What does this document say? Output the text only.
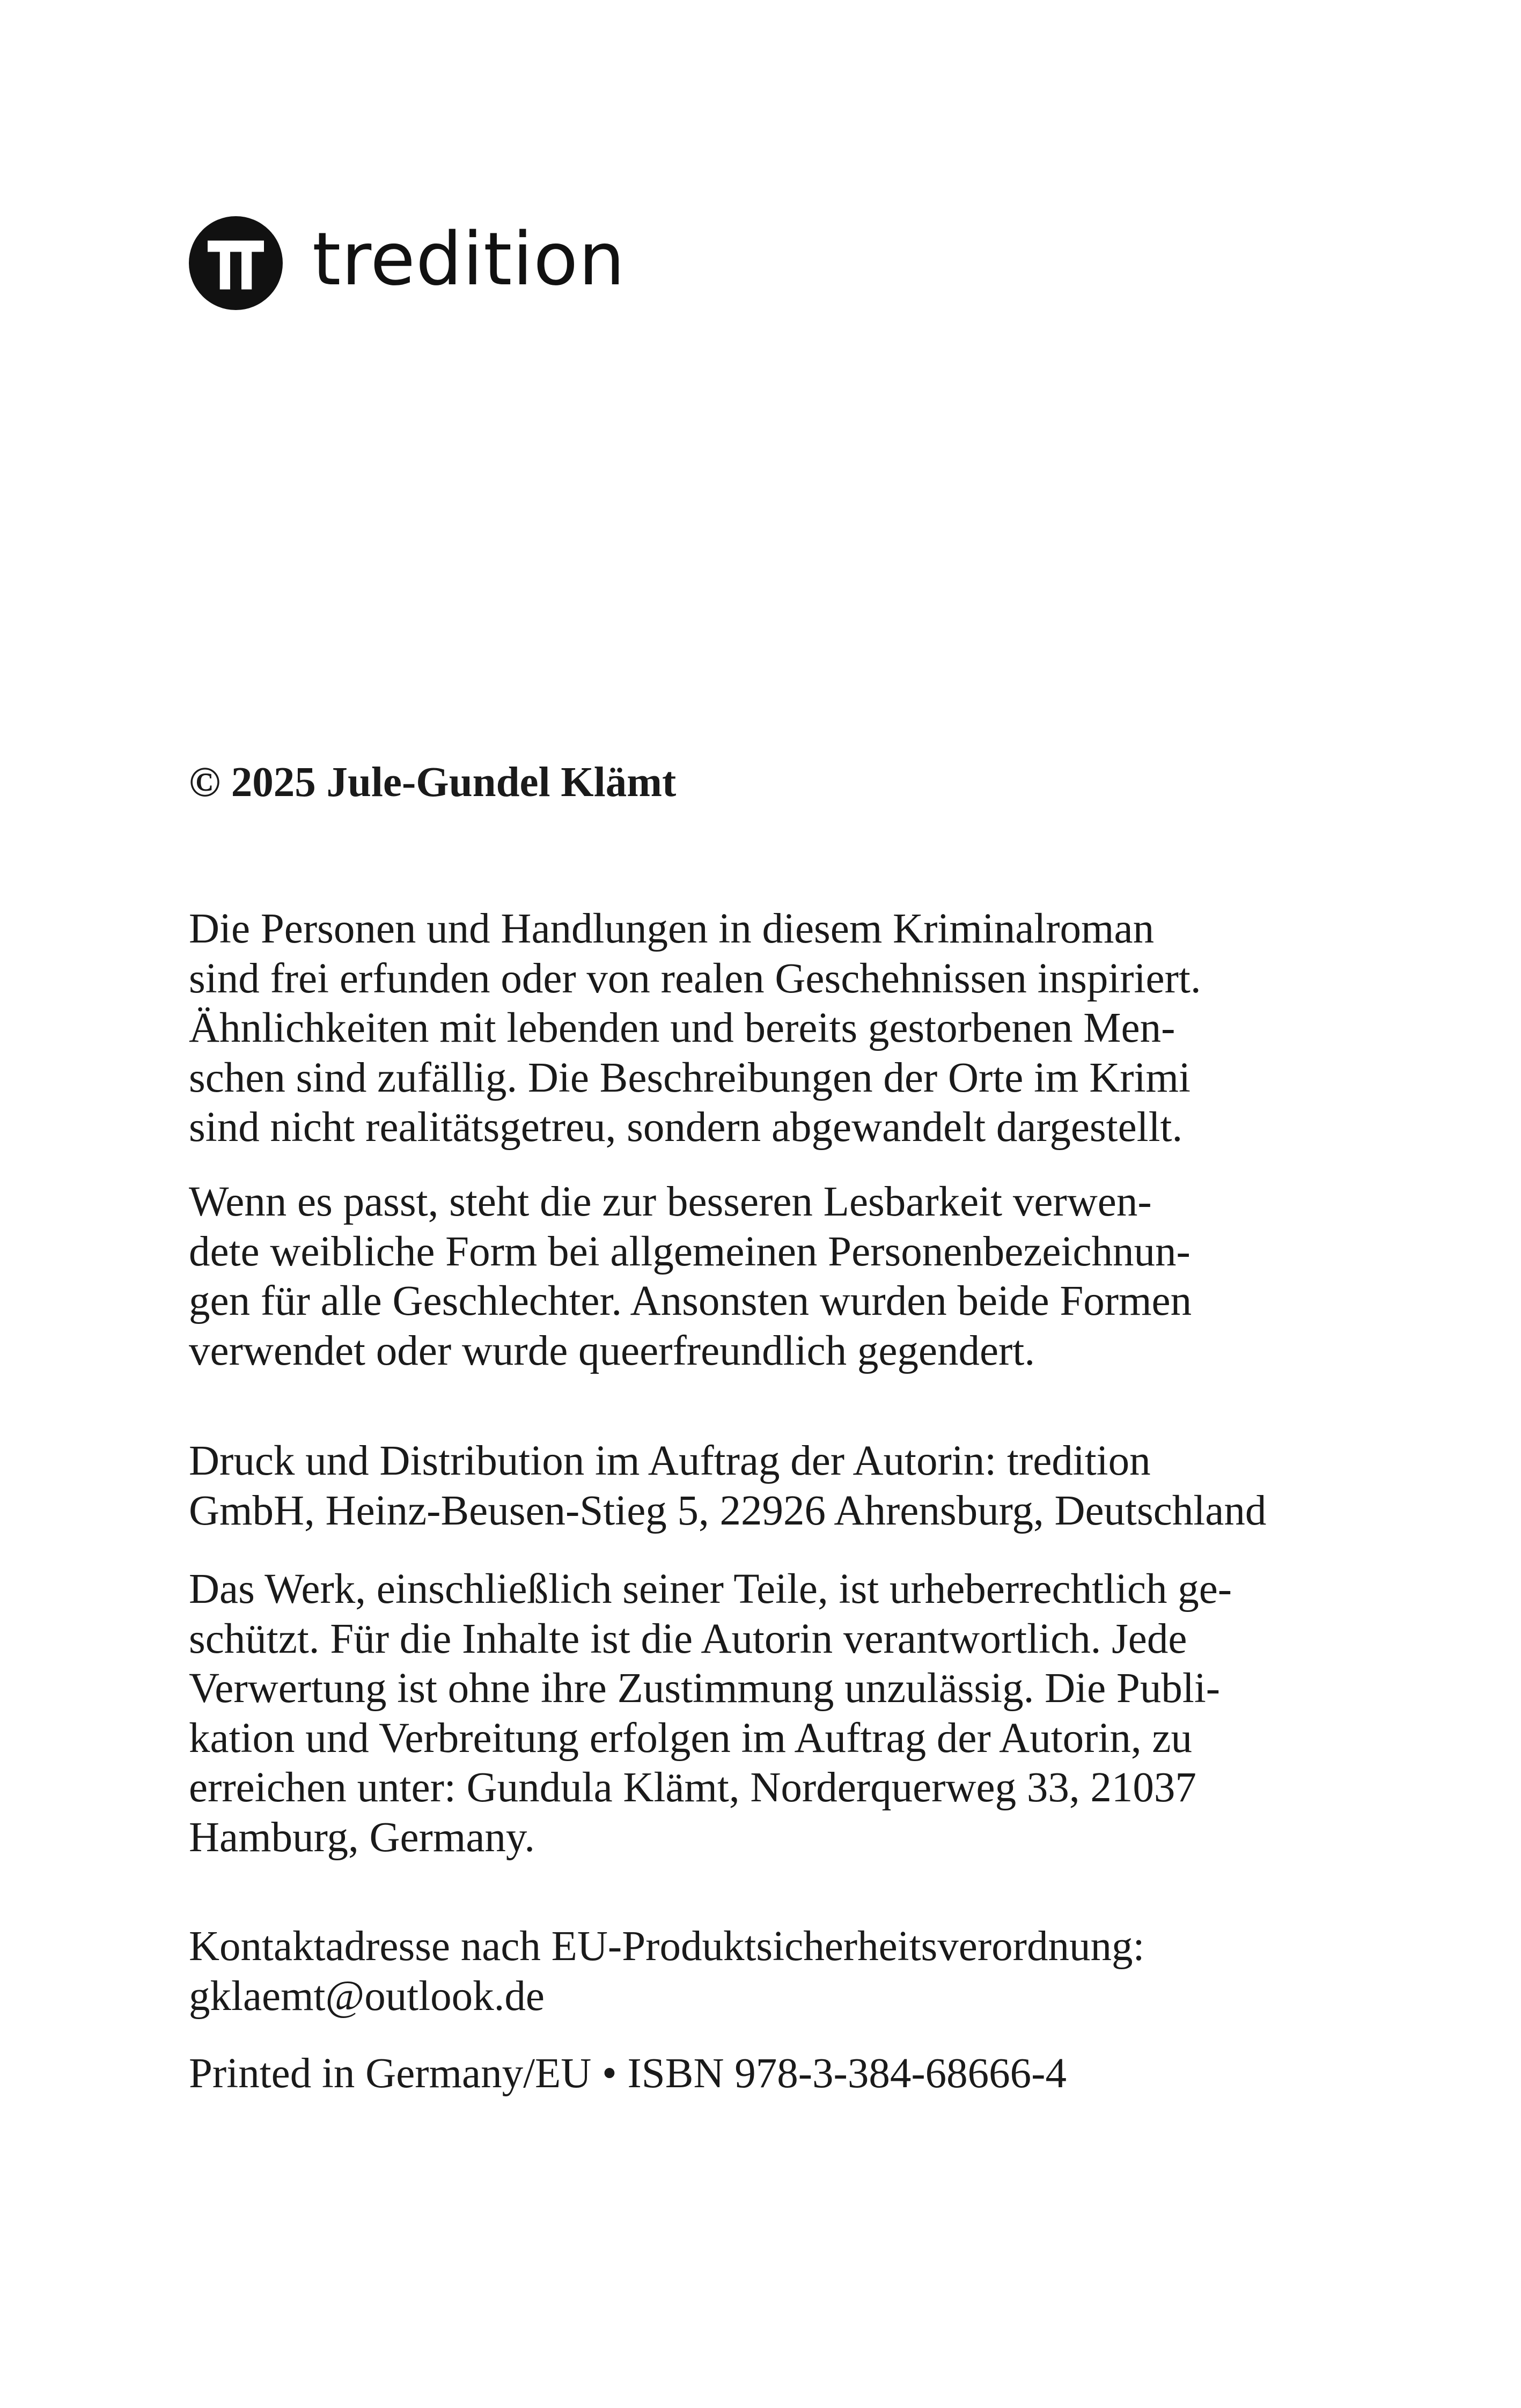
tredition
© 2025 Jule-Gundel Klämt

Die Personen und Handlungen in diesem Kriminalroman

sind frei erfunden oder von realen Geschehnissen inspiriert.

Ähnlichkeiten mit lebenden und bereits gestorbenen Men-

schen sind zufällig. Die Beschreibungen der Orte im Krimi

sind nicht realitätsgetreu, sondern abgewandelt dargestellt.

Wenn es passt, steht die zur besseren Lesbarkeit verwen-

dete weibliche Form bei allgemeinen Personenbezeichnun-

gen für alle Geschlechter. Ansonsten wurden beide Formen

verwendet oder wurde queerfreundlich gegendert.

Druck und Distribution im Auftrag der Autorin: tredition

GmbH, Heinz-Beusen-Stieg 5, 22926 Ahrensburg, Deutschland

Das Werk, einschließlich seiner Teile, ist urheberrechtlich ge-

schützt. Für die Inhalte ist die Autorin verantwortlich. Jede

Verwertung ist ohne ihre Zustimmung unzulässig. Die Publi-

kation und Verbreitung erfolgen im Auftrag der Autorin, zu

erreichen unter: Gundula Klämt, Norderquerweg 33, 21037

Hamburg, Germany.

Kontaktadresse nach EU-Produktsicherheitsverordnung:

gklaemt@outlook.de

Printed in Germany/EU • ISBN 978-3-384-68666-4
